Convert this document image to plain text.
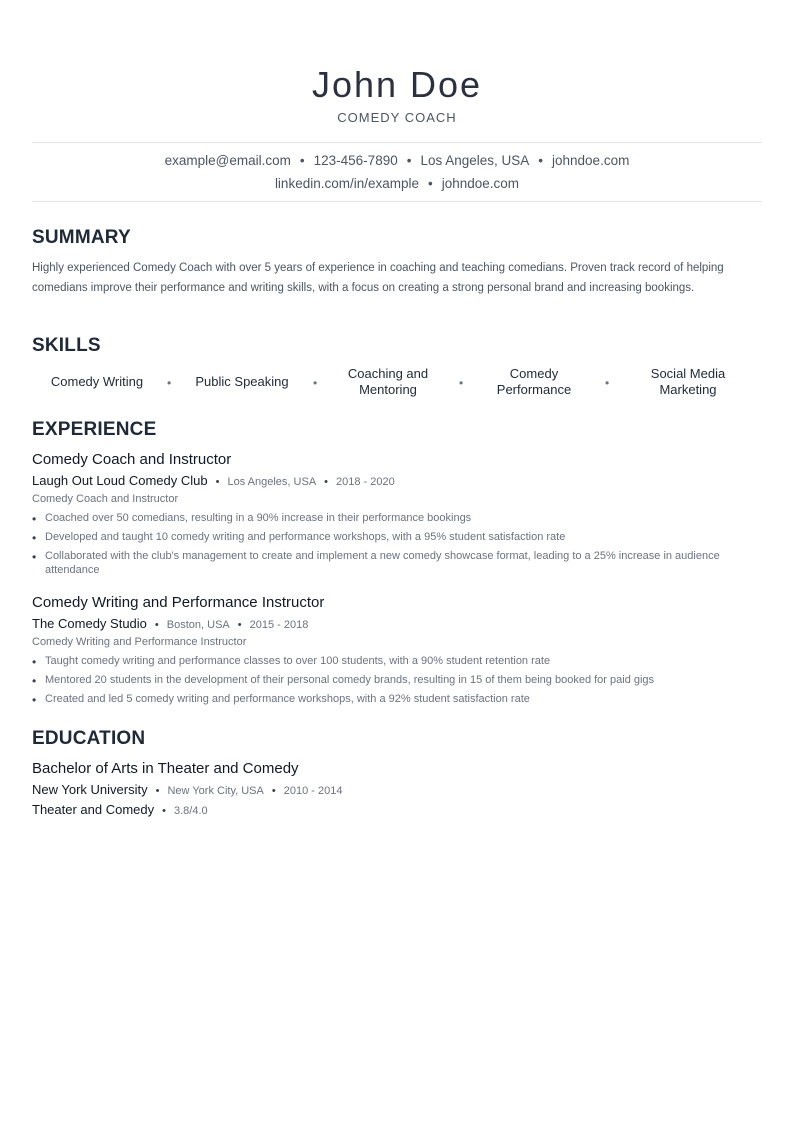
John Doe
COMEDY COACH
example@email.com • 123-456-7890 • Los Angeles, USA • johndoe.com
linkedin.com/in/example • johndoe.com
SUMMARY

Highly experienced Comedy Coach with over 5 years of experience in coaching and teaching comedians. Proven track record of helping comedians improve their performance and writing skills, with a focus on creating a strong personal brand and increasing bookings.

SKILLS
Comedy Writing	•	Public Speaking	•
Coaching and Mentoring	•
Comedy Performance	•
Social Media Marketing
EXPERIENCE
Comedy Coach and Instructor
Laugh Out Loud Comedy Club • Los Angeles, USA • 2018 - 2020
Comedy Coach and Instructor
• Coached over 50 comedians, resulting in a 90% increase in their performance bookings
• Developed and taught 10 comedy writing and performance workshops, with a 95% student satisfaction rate
• Collaborated with the club's management to create and implement a new comedy showcase format, leading to a 25% increase in audience attendance
Comedy Writing and Performance Instructor
The Comedy Studio • Boston, USA • 2015 - 2018
Comedy Writing and Performance Instructor
• Taught comedy writing and performance classes to over 100 students, with a 90% student retention rate
• Mentored 20 students in the development of their personal comedy brands, resulting in 15 of them being booked for paid gigs
• Created and led 5 comedy writing and performance workshops, with a 92% student satisfaction rate
EDUCATION
Bachelor of Arts in Theater and Comedy
New York University • New York City, USA • 2010 - 2014
Theater and Comedy • 3.8/4.0
